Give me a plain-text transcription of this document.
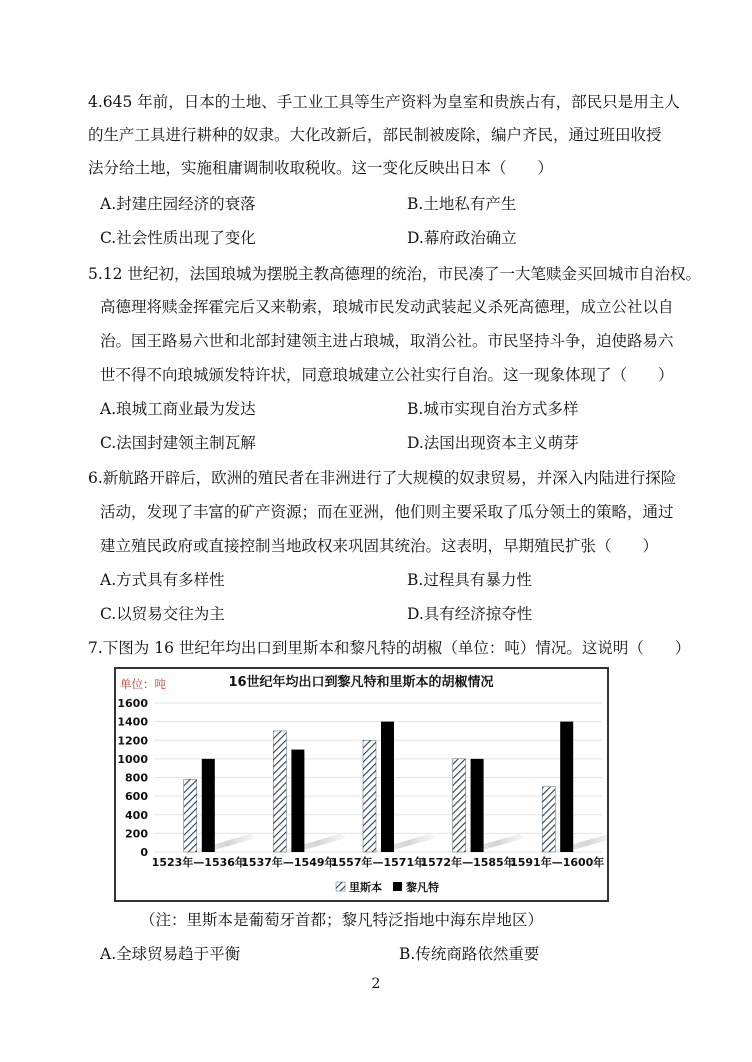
4.645 年前，日本的土地、手工业工具等生产资料为皇室和贵族占有，部民只是用主人
的生产工具进行耕种的奴隶。大化改新后，部民制被废除，编户齐民，通过班田收授
法分给土地，实施租庸调制收取税收。这一变化反映出日本（　　）
A.封建庄园经济的衰落	B.土地私有产生
C.社会性质出现了变化	D.幕府政治确立
5.12 世纪初，法国琅城为摆脱主教高德理的统治，市民凑了一大笔赎金买回城市自治权。
高德理将赎金挥霍完后又来勒索，琅城市民发动武装起义杀死高德理，成立公社以自
治。国王路易六世和北部封建领主进占琅城，取消公社。市民坚持斗争，迫使路易六
世不得不向琅城颁发特许状，同意琅城建立公社实行自治。这一现象体现了（　　）
A.琅城工商业最为发达	B.城市实现自治方式多样
C.法国封建领主制瓦解	D.法国出现资本主义萌芽
6.新航路开辟后，欧洲的殖民者在非洲进行了大规模的奴隶贸易，并深入内陆进行探险
活动，发现了丰富的矿产资源；而在亚洲，他们则主要采取了瓜分领土的策略，通过
建立殖民政府或直接控制当地政权来巩固其统治。这表明，早期殖民扩张（　　）
A.方式具有多样性	B.过程具有暴力性
C.以贸易交往为主	D.具有经济掠夺性
7.下图为 16 世纪年均出口到里斯本和黎凡特的胡椒（单位：吨）情况。这说明（　　）
16世纪年均出口到黎凡特和里斯本的胡椒情况
单位：吨
0
200
400
600
800
1000
1200
1400
1600
1523年—1536年
1537年—1549年
1557年—1571年
1572年—1585年
1591年—1600年
里斯本 黎凡特
（注：里斯本是葡萄牙首都；黎凡特泛指地中海东岸地区）
A.全球贸易趋于平衡	B.传统商路依然重要
2
